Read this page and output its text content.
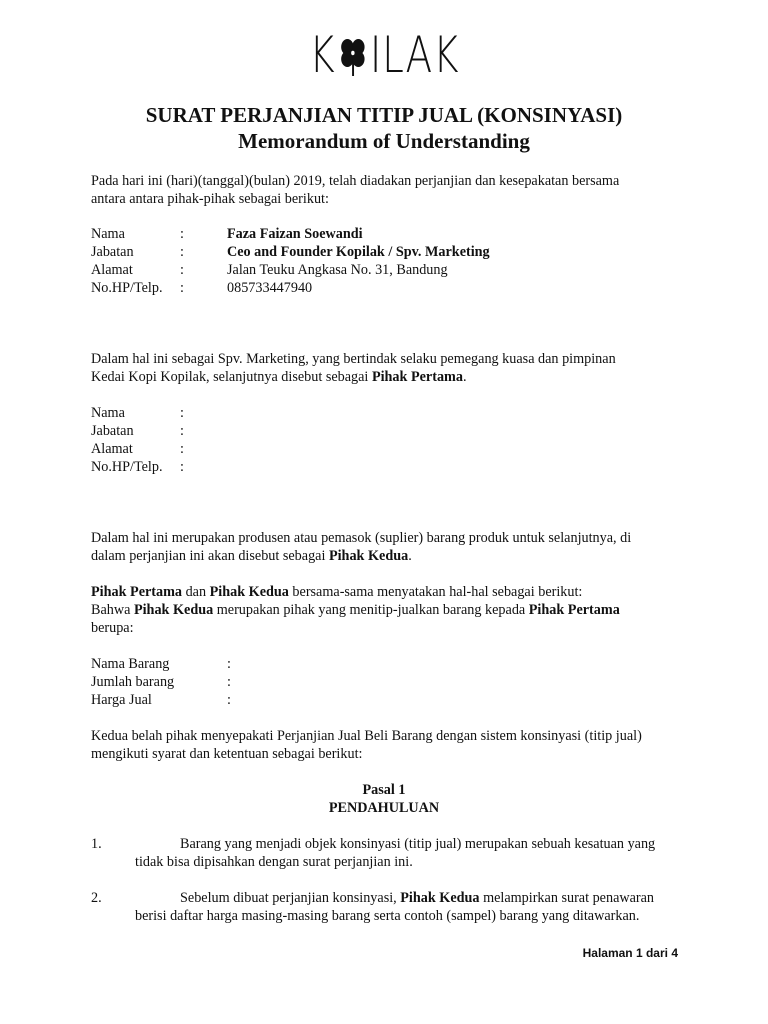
K ILAK
SURAT PERJANJIAN TITIP JUAL (KONSINYASI)
Memorandum of Understanding
Pada hari ini (hari)(tanggal)(bulan) 2019, telah diadakan perjanjian dan kesepakatan bersama
antara antara pihak-pihak sebagai berikut:
Nama	:	Faza Faizan Soewandi
Jabatan	:	Ceo and Founder Kopilak / Spv. Marketing
Alamat	:	Jalan Teuku Angkasa No. 31, Bandung
No.HP/Telp. :	085733447940
Dalam hal ini sebagai Spv. Marketing, yang bertindak selaku pemegang kuasa dan pimpinan
Kedai Kopi Kopilak, selanjutnya disebut sebagai Pihak Pertama.
Nama	:
Jabatan	:
Alamat	:
No.HP/Telp. :
Dalam hal ini merupakan produsen atau pemasok (suplier) barang produk untuk selanjutnya, di
dalam perjanjian ini akan disebut sebagai Pihak Kedua.
Pihak Pertama dan Pihak Kedua bersama-sama menyatakan hal-hal sebagai berikut:
Bahwa Pihak Kedua merupakan pihak yang menitip-jualkan barang kepada Pihak Pertama
berupa:
Nama Barang	:
Jumlah barang	:
Harga Jual	:
Kedua belah pihak menyepakati Perjanjian Jual Beli Barang dengan sistem konsinyasi (titip jual)
mengikuti syarat dan ketentuan sebagai berikut:
Pasal 1
PENDAHULUAN
1.	Barang yang menjadi objek konsinyasi (titip jual) merupakan sebuah kesatuan yang
tidak bisa dipisahkan dengan surat perjanjian ini.
2.	Sebelum dibuat perjanjian konsinyasi, Pihak Kedua melampirkan surat penawaran
berisi daftar harga masing-masing barang serta contoh (sampel) barang yang ditawarkan.
Halaman 1 dari 4
